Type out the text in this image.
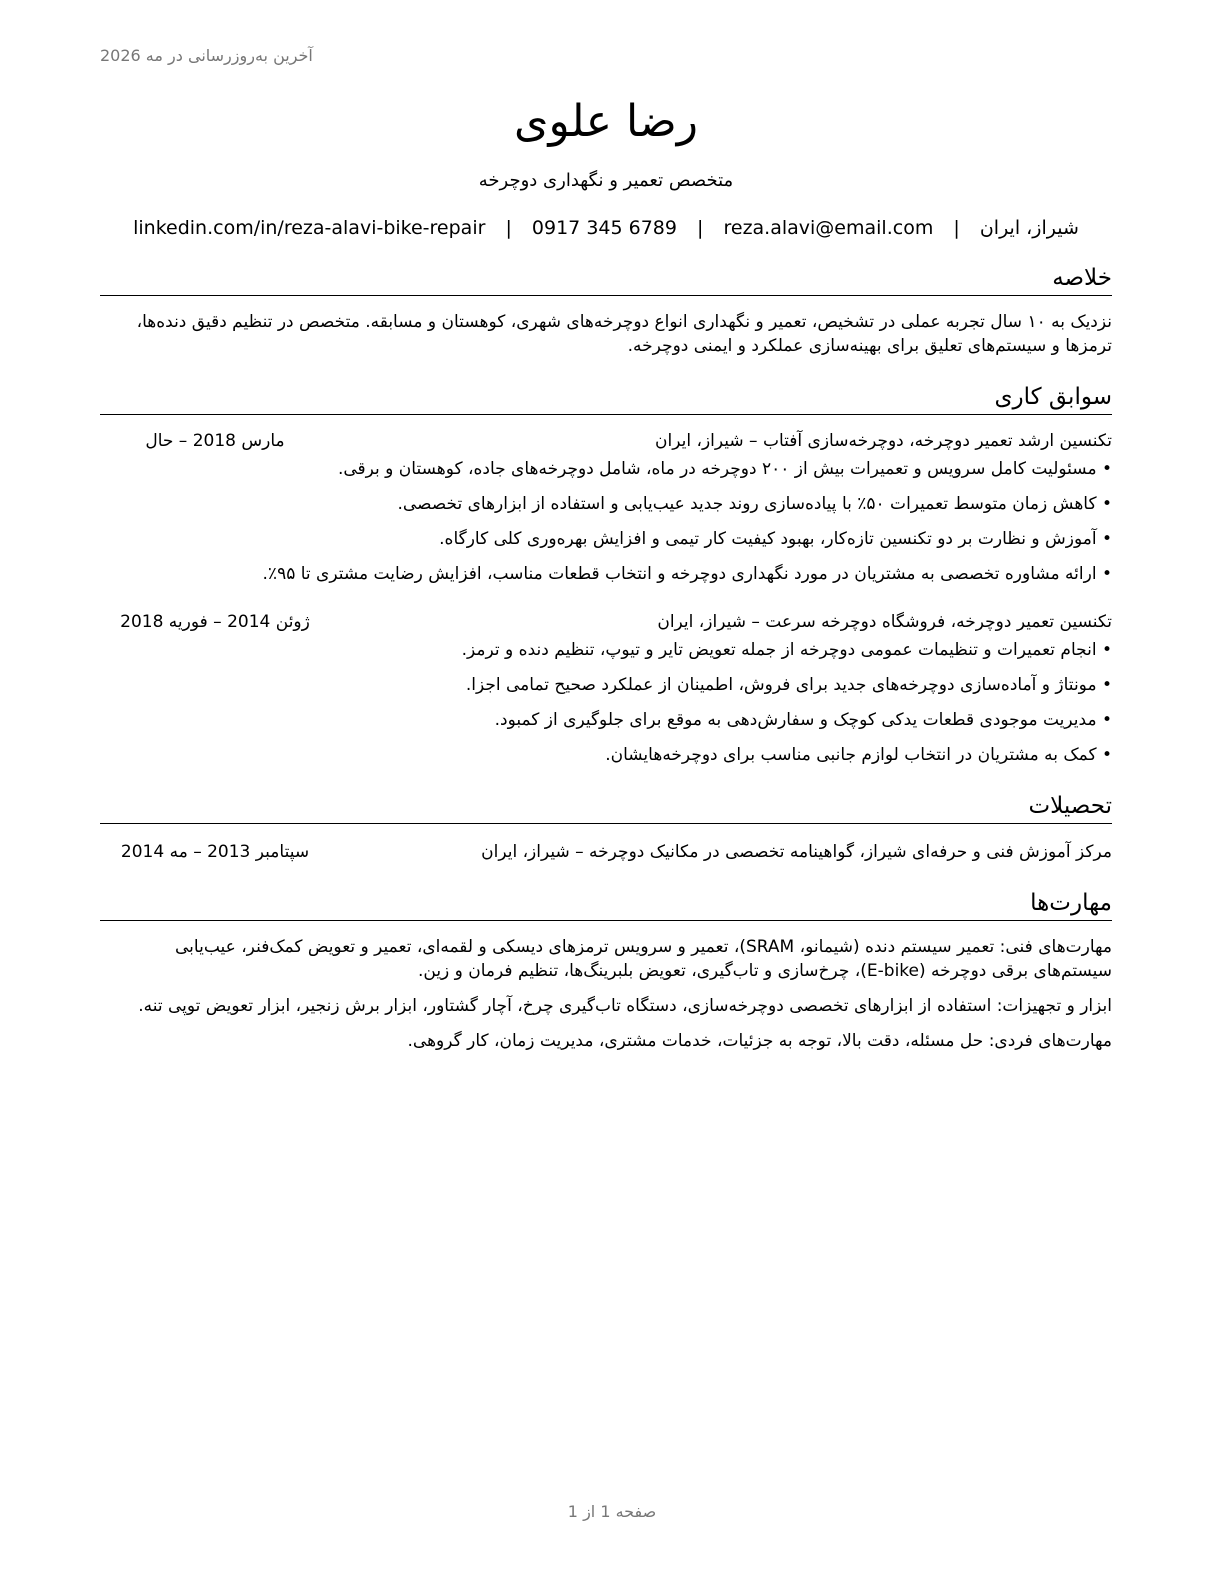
آخرین به‌روزرسانی در مه 2026
رضا علوی
متخصص تعمیر و نگهداری دوچرخه
شیراز، ایران | reza.alavi@email.com | 0917 345 6789 | linkedin.com/in/reza-alavi-bike-repair
خلاصه
نزدیک به ۱۰ سال تجربه عملی در تشخیص، تعمیر و نگهداری انواع دوچرخه‌های شهری، کوهستان و مسابقه. متخصص در تنظیم دقیق دنده‌ها، ترمزها و سیستم‌های تعلیق برای بهینه‌سازی عملکرد و ایمنی دوچرخه.
سوابق کاری
تکنسین ارشد تعمیر دوچرخه، دوچرخه‌سازی آفتاب – شیراز، ایران
مارس 2018 – حال
• مسئولیت کامل سرویس و تعمیرات بیش از ۲۰۰ دوچرخه در ماه، شامل دوچرخه‌های جاده، کوهستان و برقی.
• کاهش زمان متوسط تعمیرات ۵۰٪ با پیاده‌سازی روند جدید عیب‌یابی و استفاده از ابزارهای تخصصی.
• آموزش و نظارت بر دو تکنسین تازه‌کار، بهبود کیفیت کار تیمی و افزایش بهره‌وری کلی کارگاه.
• ارائه مشاوره تخصصی به مشتریان در مورد نگهداری دوچرخه و انتخاب قطعات مناسب، افزایش رضایت مشتری تا ۹۵٪.
تکنسین تعمیر دوچرخه، فروشگاه دوچرخه سرعت – شیراز، ایران
ژوئن 2014 – فوریه 2018
• انجام تعمیرات و تنظیمات عمومی دوچرخه از جمله تعویض تایر و تیوپ، تنظیم دنده و ترمز.
• مونتاژ و آماده‌سازی دوچرخه‌های جدید برای فروش، اطمینان از عملکرد صحیح تمامی اجزا.
• مدیریت موجودی قطعات یدکی کوچک و سفارش‌دهی به موقع برای جلوگیری از کمبود.
• کمک به مشتریان در انتخاب لوازم جانبی مناسب برای دوچرخه‌هایشان.
تحصیلات
مرکز آموزش فنی و حرفه‌ای شیراز، گواهینامه تخصصی در مکانیک دوچرخه – شیراز، ایران
سپتامبر 2013 – مه 2014
مهارت‌ها
مهارت‌های فنی: تعمیر سیستم دنده (شیمانو، SRAM)، تعمیر و سرویس ترمزهای دیسکی و لقمه‌ای، تعمیر و تعویض کمک‌فنر، عیب‌یابی سیستم‌های برقی دوچرخه (E-bike)، چرخ‌سازی و تاب‌گیری، تعویض بلبرینگ‌ها، تنظیم فرمان و زین.
ابزار و تجهیزات: استفاده از ابزارهای تخصصی دوچرخه‌سازی، دستگاه تاب‌گیری چرخ، آچار گشتاور، ابزار برش زنجیر، ابزار تعویض توپی تنه.
مهارت‌های فردی: حل مسئله، دقت بالا، توجه به جزئیات، خدمات مشتری، مدیریت زمان، کار گروهی.
صفحه 1 از 1
